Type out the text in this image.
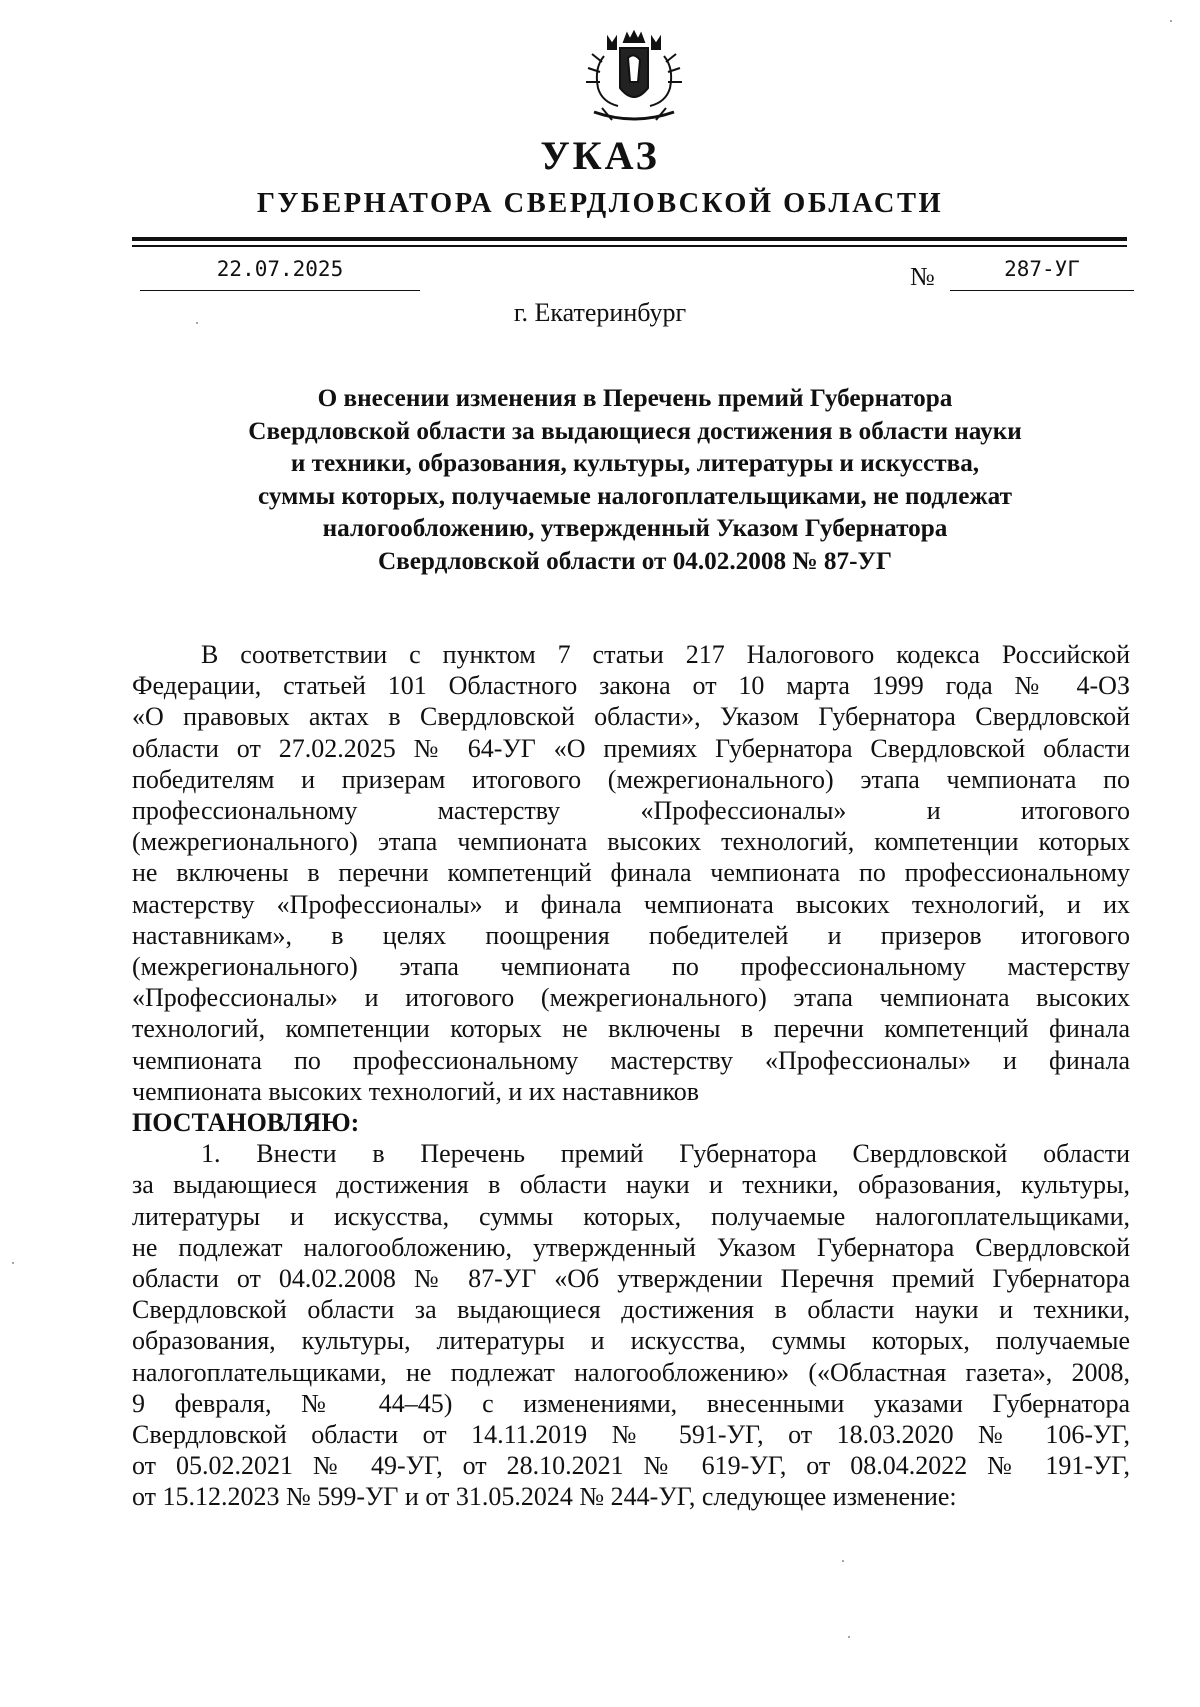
УКАЗ
ГУБЕРНАТОРА СВЕРДЛОВСКОЙ ОБЛАСТИ
22.07.2025	№	287-УГ
г. Екатеринбург
О внесении изменения в Перечень премий Губернатора
Свердловской области за выдающиеся достижения в области науки
и техники, образования, культуры, литературы и искусства,
суммы которых, получаемые налогоплательщиками, не подлежат
налогообложению, утвержденный Указом Губернатора
Свердловской области от 04.02.2008 № 87-УГ
В соответствии с пунктом 7 статьи 217 Налогового кодекса Российской
Федерации, статьей 101 Областного закона от 10 марта 1999 года № 4-ОЗ
«О правовых актах в Свердловской области», Указом Губернатора Свердловской
области от 27.02.2025 № 64-УГ «О премиях Губернатора Свердловской области
победителям и призерам итогового (межрегионального) этапа чемпионата по
профессиональному мастерству «Профессионалы» и итогового
(межрегионального) этапа чемпионата высоких технологий, компетенции которых
не включены в перечни компетенций финала чемпионата по профессиональному
мастерству «Профессионалы» и финала чемпионата высоких технологий, и их
наставникам», в целях поощрения победителей и призеров итогового
(межрегионального) этапа чемпионата по профессиональному мастерству
«Профессионалы» и итогового (межрегионального) этапа чемпионата высоких
технологий, компетенции которых не включены в перечни компетенций финала
чемпионата по профессиональному мастерству «Профессионалы» и финала
чемпионата высоких технологий, и их наставников
ПОСТАНОВЛЯЮ:
1. Внести в Перечень премий Губернатора Свердловской области
за выдающиеся достижения в области науки и техники, образования, культуры,
литературы и искусства, суммы которых, получаемые налогоплательщиками,
не подлежат налогообложению, утвержденный Указом Губернатора Свердловской
области от 04.02.2008 № 87-УГ «Об утверждении Перечня премий Губернатора
Свердловской области за выдающиеся достижения в области науки и техники,
образования, культуры, литературы и искусства, суммы которых, получаемые
налогоплательщиками, не подлежат налогообложению» («Областная газета», 2008,
9 февраля, № 44–45) с изменениями, внесенными указами Губернатора
Свердловской области от 14.11.2019 № 591-УГ, от 18.03.2020 № 106-УГ,
от 05.02.2021 № 49-УГ, от 28.10.2021 № 619-УГ, от 08.04.2022 № 191-УГ,
от 15.12.2023 № 599-УГ и от 31.05.2024 № 244-УГ, следующее изменение:
